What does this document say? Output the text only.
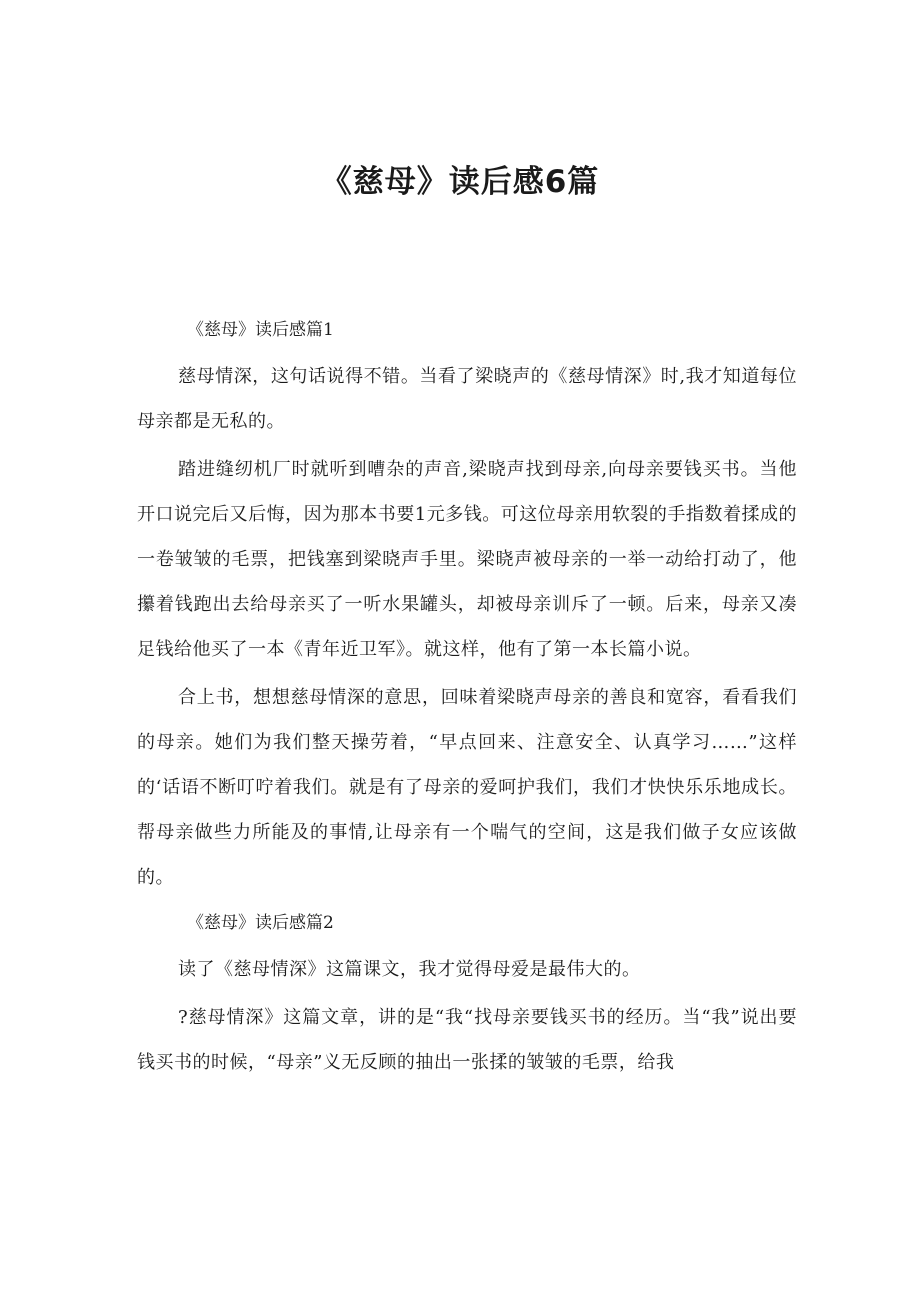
《慈母》读后感6篇

《慈母》读后感篇1

慈母情深，这句话说得不错。当看了梁晓声的《慈母情深》时,我才知道每位母亲都是无私的。

踏进缝纫机厂时就听到嘈杂的声音,梁晓声找到母亲,向母亲要钱买书。当他开口说完后又后悔，因为那本书要1元多钱。可这位母亲用软裂的手指数着揉成的一卷皱皱的毛票，把钱塞到梁晓声手里。梁晓声被母亲的一举一动给打动了，他攥着钱跑出去给母亲买了一听水果罐头，却被母亲训斥了一顿。后来，母亲又凑足钱给他买了一本《青年近卫军》。就这样，他有了第一本长篇小说。

合上书，想想慈母情深的意思，回味着梁晓声母亲的善良和宽容，看看我们的母亲。她们为我们整天操劳着，“早点回来、注意安全、认真学习……”这样的‘话语不断叮咛着我们。就是有了母亲的爱呵护我们，我们才快快乐乐地成长。帮母亲做些力所能及的事情,让母亲有一个喘气的空间，这是我们做子女应该做的。

《慈母》读后感篇2

读了《慈母情深》这篇课文，我才觉得母爱是最伟大的。

?慈母情深》这篇文章，讲的是“我“找母亲要钱买书的经历。当“我”说出要钱买书的时候，“母亲”义无反顾的抽出一张揉的皱皱的毛票，给我
